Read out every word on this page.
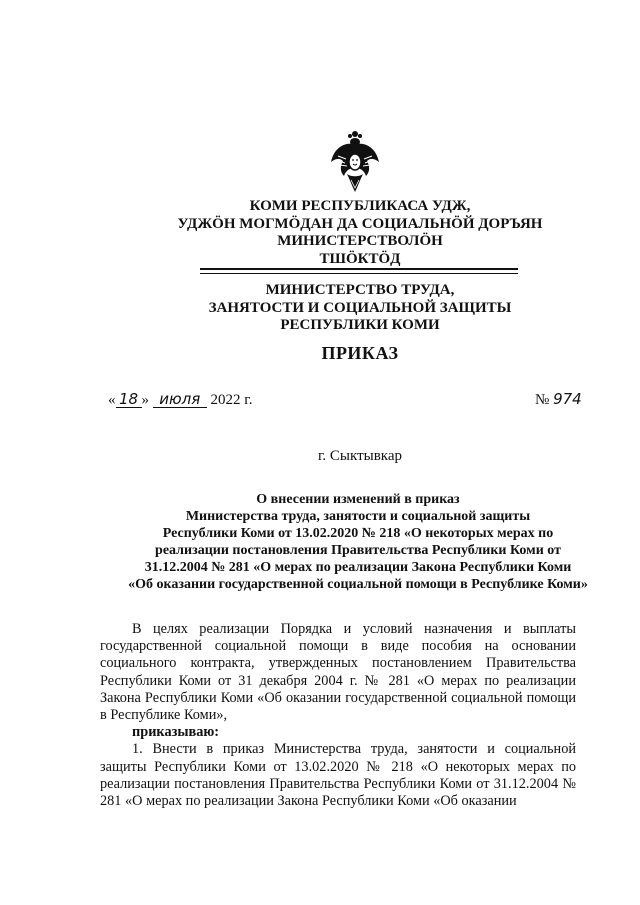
КОМИ РЕСПУБЛИКАСА УДЖ,
УДЖÖН МОГМÖДАН ДА СОЦИАЛЬНÖЙ ДОРЪЯН
МИНИСТЕРСТВОЛÖН
ТШÖКТÖД
МИНИСТЕРСТВО ТРУДА,
ЗАНЯТОСТИ И СОЦИАЛЬНОЙ ЗАЩИТЫ
РЕСПУБЛИКИ КОМИ
ПРИКАЗ
« 18 » июля 2022 г.	№ 974
г. Сыктывкар
О внесении изменений в приказ
Министерства труда, занятости и социальной защиты
Республики Коми от 13.02.2020 № 218 «О некоторых мерах по
реализации постановления Правительства Республики Коми от
31.12.2004 № 281 «О мерах по реализации Закона Республики Коми
«Об оказании государственной социальной помощи в Республике Коми»

В целях реализации Порядка и условий назначения и выплаты государственной социальной помощи в виде пособия на основании социального контракта, утвержденных постановлением Правительства Республики Коми от 31 декабря 2004 г. № 281 «О мерах по реализации Закона Республики Коми «Об оказании государственной социальной помощи в Республике Коми»,

приказываю:

1. Внести в приказ Министерства труда, занятости и социальной защиты Республики Коми от 13.02.2020 № 218 «О некоторых мерах по реализации постановления Правительства Республики Коми от 31.12.2004 № 281 «О мерах по реализации Закона Республики Коми «Об оказании
